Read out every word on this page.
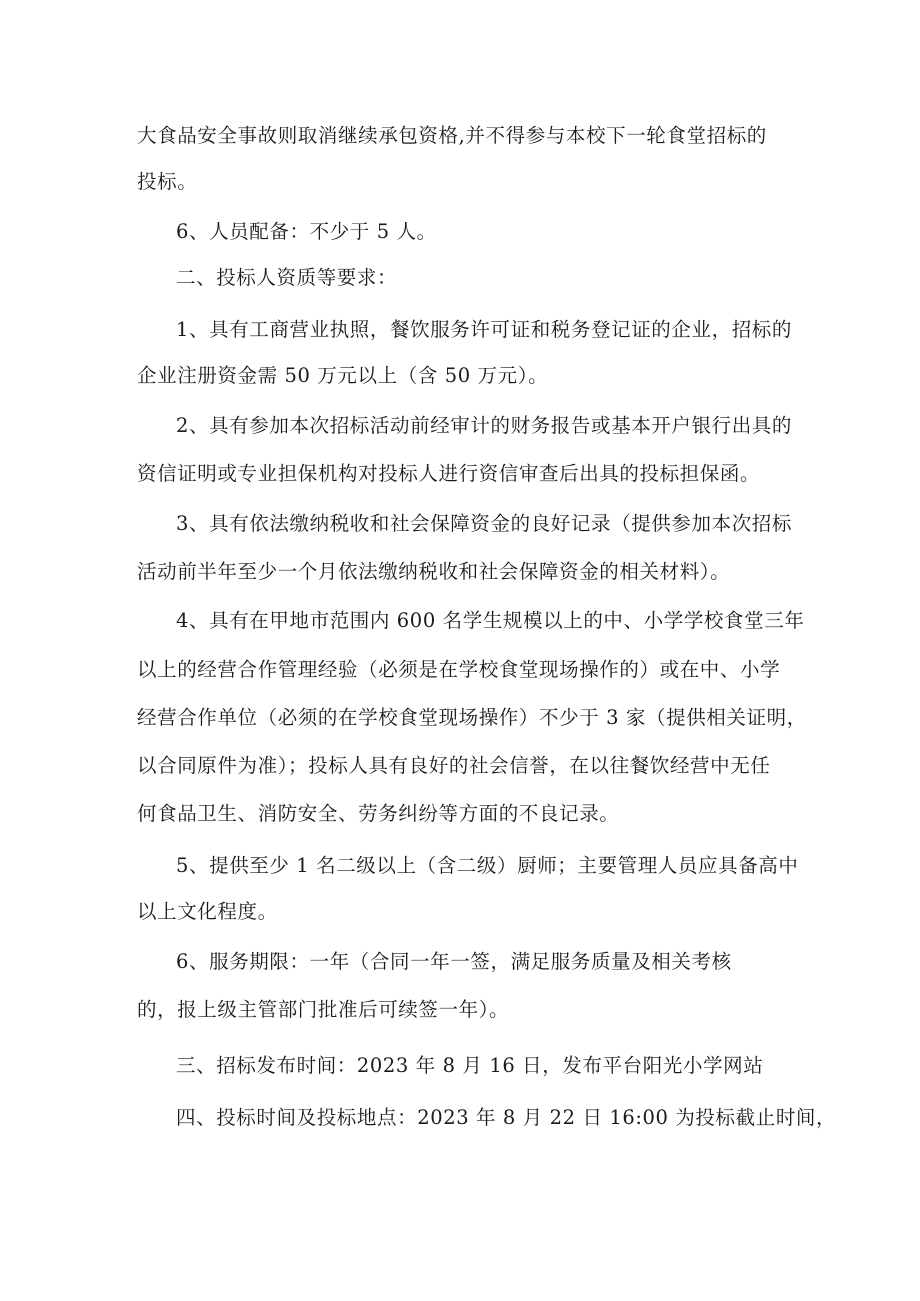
大食品安全事故则取消继续承包资格,并不得参与本校下一轮食堂招标的
投标。
6、人员配备：不少于 5 人。
二、投标人资质等要求：
1、具有工商营业执照，餐饮服务许可证和税务登记证的企业，招标的
企业注册资金需 50 万元以上（含 50 万元）。
2、具有参加本次招标活动前经审计的财务报告或基本开户银行出具的
资信证明或专业担保机构对投标人进行资信审查后出具的投标担保函。
3、具有依法缴纳税收和社会保障资金的良好记录（提供参加本次招标
活动前半年至少一个月依法缴纳税收和社会保障资金的相关材料）。
4、具有在甲地市范围内 600 名学生规模以上的中、小学学校食堂三年
以上的经营合作管理经验（必须是在学校食堂现场操作的）或在中、小学
经营合作单位（必须的在学校食堂现场操作）不少于 3 家（提供相关证明，
以合同原件为准）；投标人具有良好的社会信誉，在以往餐饮经营中无任
何食品卫生、消防安全、劳务纠纷等方面的不良记录。
5、提供至少 1 名二级以上（含二级）厨师；主要管理人员应具备高中
以上文化程度。
6、服务期限：一年（合同一年一签，满足服务质量及相关考核
的，报上级主管部门批准后可续签一年）。
三、招标发布时间：2023 年 8 月 16 日，发布平台阳光小学网站
四、投标时间及投标地点：2023 年 8 月 22 日 16:00 为投标截止时间，
